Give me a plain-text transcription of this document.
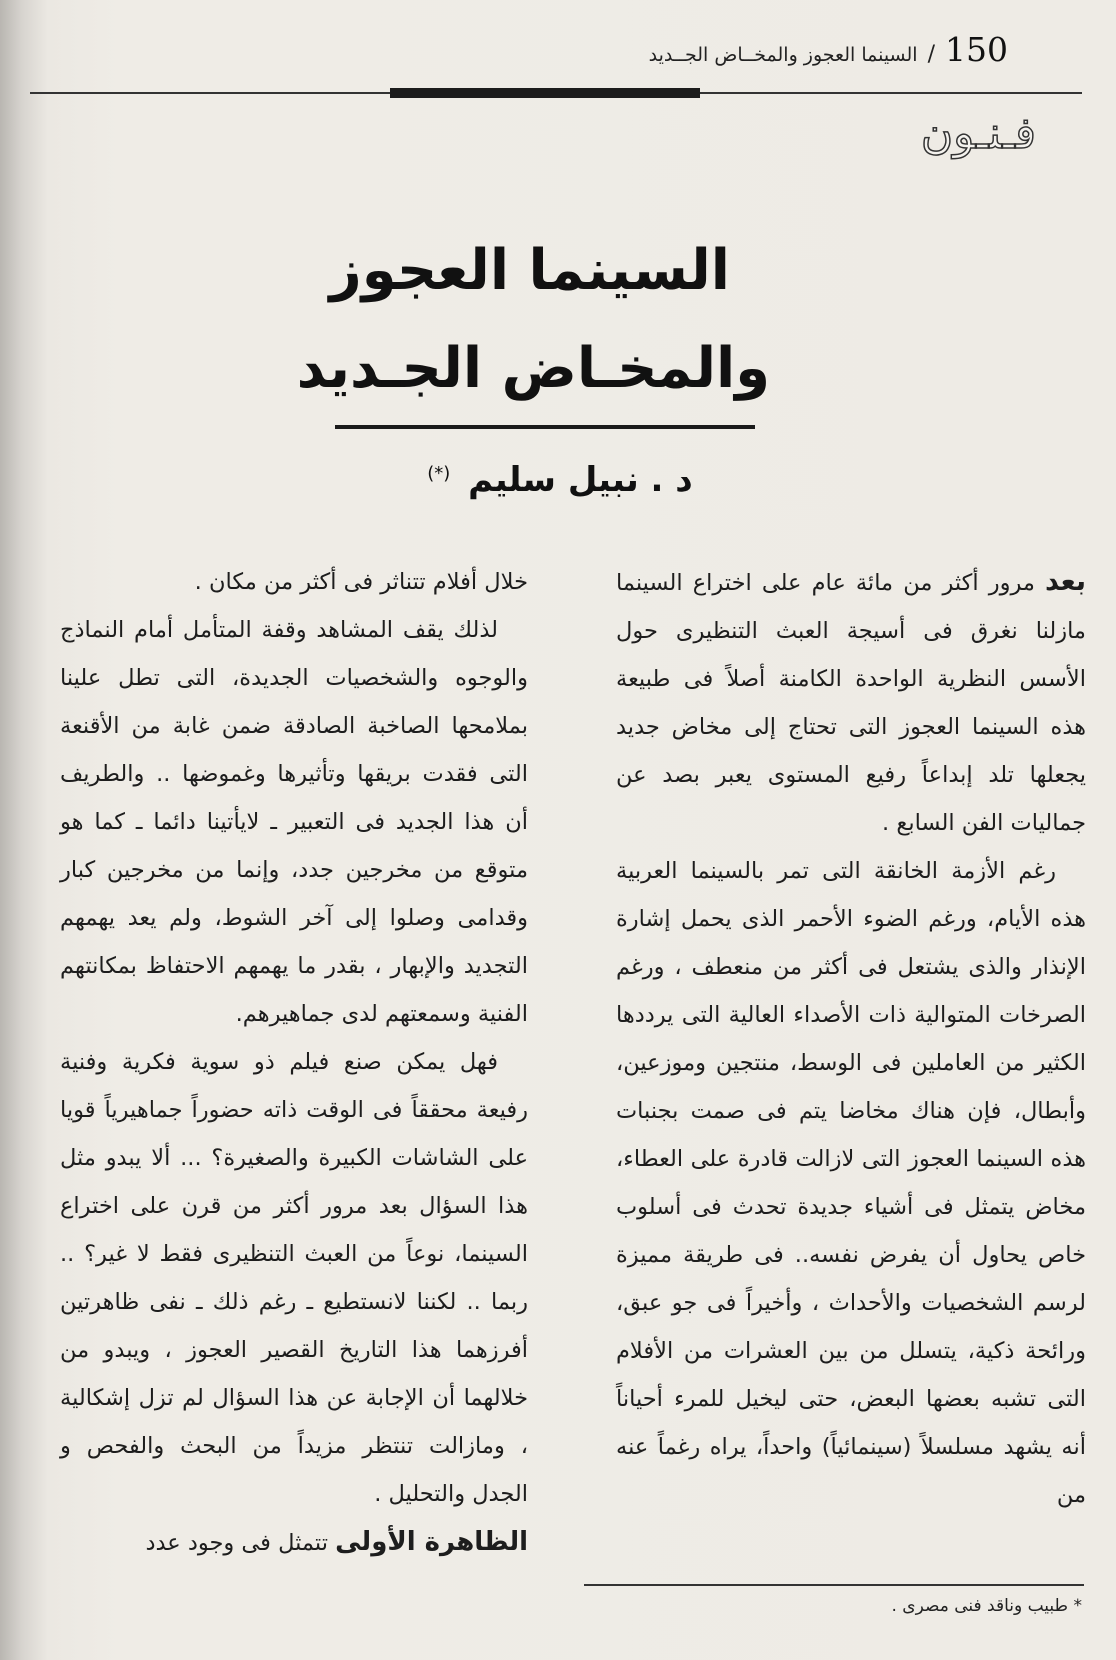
150
/
السينما العجوز والمخــاض الجــديد
فـنـون
السينما العجوز
والمخـاض الجـديد
د . نبيل سليم (*)

بعد مرور أكثر من مائة عام على اختراع السينما مازلنا نغرق فى أسيجة العبث التنظيرى حول الأسس النظرية الواحدة الكامنة أصلاً فى طبيعة هذه السينما العجوز التى تحتاج إلى مخاض جديد يجعلها تلد إبداعاً رفيع المستوى يعبر بصد عن جماليات الفن السابع .

رغم الأزمة الخانقة التى تمر بالسينما العربية هذه الأيام، ورغم الضوء الأحمر الذى يحمل إشارة الإنذار والذى يشتعل فى أكثر من منعطف ، ورغم الصرخات المتوالية ذات الأصداء العالية التى يرددها الكثير من العاملين فى الوسط، منتجين وموزعين، وأبطال، فإن هناك مخاضا يتم فى صمت بجنبات هذه السينما العجوز التى لازالت قادرة على العطاء، مخاض يتمثل فى أشياء جديدة تحدث فى أسلوب خاص يحاول أن يفرض نفسه.. فى طريقة مميزة لرسم الشخصيات والأحداث ، وأخيراً فى جو عبق، ورائحة ذكية، يتسلل من بين العشرات من الأفلام التى تشبه بعضها البعض، حتى ليخيل للمرء أحياناً أنه يشهد مسلسلاً (سينمائياً) واحداً، يراه رغماً عنه من

خلال أفلام تتناثر فى أكثر من مكان .

لذلك يقف المشاهد وقفة المتأمل أمام النماذج والوجوه والشخصيات الجديدة، التى تطل علينا بملامحها الصاخبة الصادقة ضمن غابة من الأقنعة التى فقدت بريقها وتأثيرها وغموضها .. والطريف أن هذا الجديد فى التعبير ـ لايأتينا دائما ـ كما هو متوقع من مخرجين جدد، وإنما من مخرجين كبار وقدامى وصلوا إلى آخر الشوط، ولم يعد يهمهم التجديد والإبهار ، بقدر ما يهمهم الاحتفاظ بمكانتهم الفنية وسمعتهم لدى جماهيرهم.

فهل يمكن صنع فيلم ذو سوية فكرية وفنية رفيعة محققاً فى الوقت ذاته حضوراً جماهيرياً قويا على الشاشات الكبيرة والصغيرة؟ ... ألا يبدو مثل هذا السؤال بعد مرور أكثر من قرن على اختراع السينما، نوعاً من العبث التنظيرى فقط لا غير؟ .. ربما .. لكننا لانستطيع ـ رغم ذلك ـ نفى ظاهرتين أفرزهما هذا التاريخ القصير العجوز ، ويبدو من خلالهما أن الإجابة عن هذا السؤال لم تزل إشكالية ، ومازالت تنتظر مزيداً من البحث والفحص و الجدل والتحليل .

الظاهرة الأولى تتمثل فى وجود عدد

* طبيب وناقد فنى مصرى .
